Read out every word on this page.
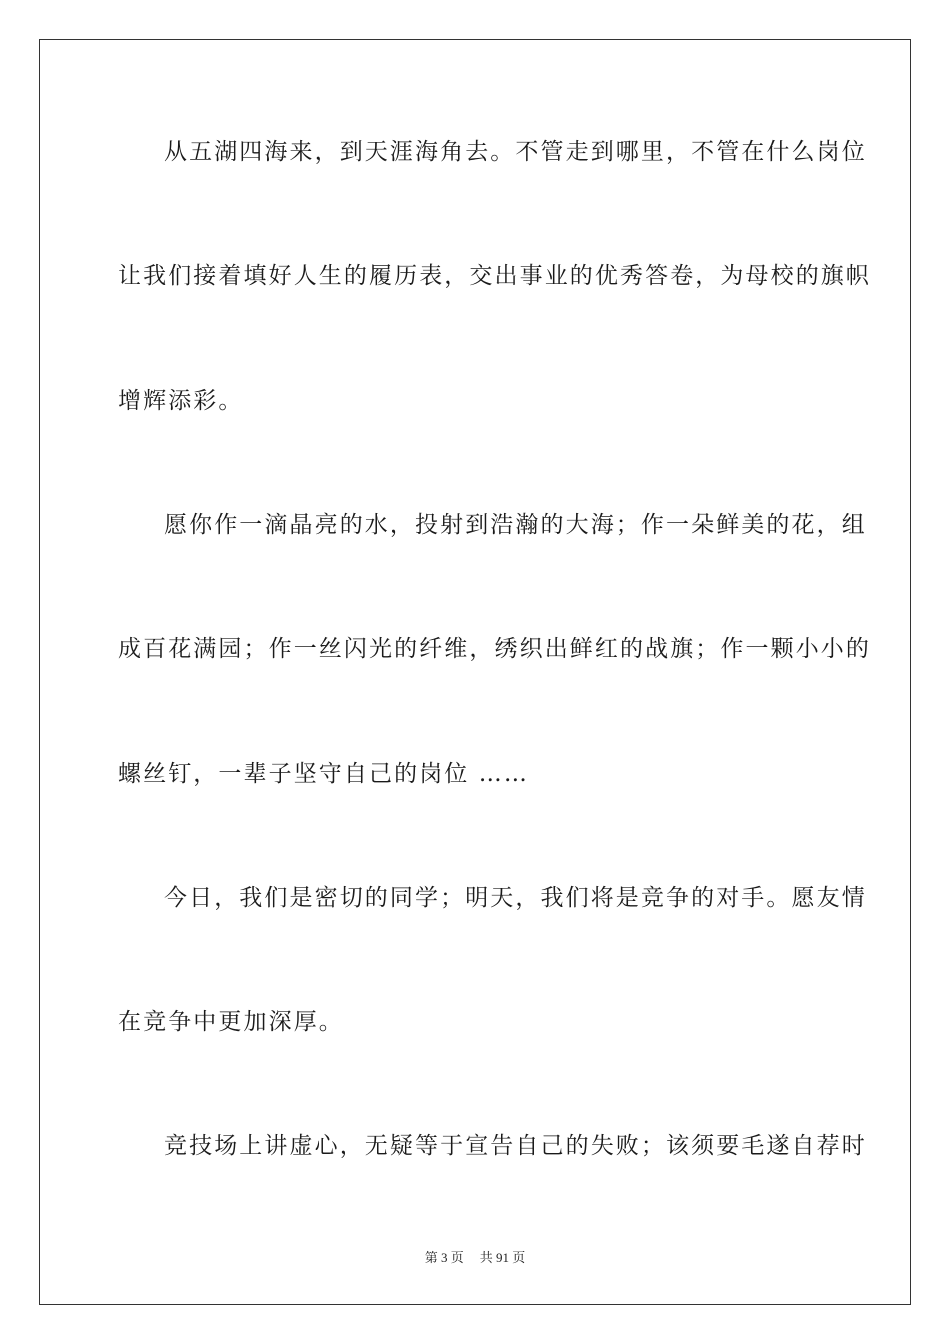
从五湖四海来，到天涯海角去。不管走到哪里，不管在什么岗位
让我们接着填好人生的履历表，交出事业的优秀答卷，为母校的旗帜
增辉添彩。
愿你作一滴晶亮的水，投射到浩瀚的大海；作一朵鲜美的花，组
成百花满园；作一丝闪光的纤维，绣织出鲜红的战旗；作一颗小小的
螺丝钉，一辈子坚守自己的岗位 ……
今日，我们是密切的同学；明天，我们将是竞争的对手。愿友情
在竞争中更加深厚。
竞技场上讲虚心，无疑等于宣告自己的失败；该须要毛遂自荐时
第 3 页 共 91 页
